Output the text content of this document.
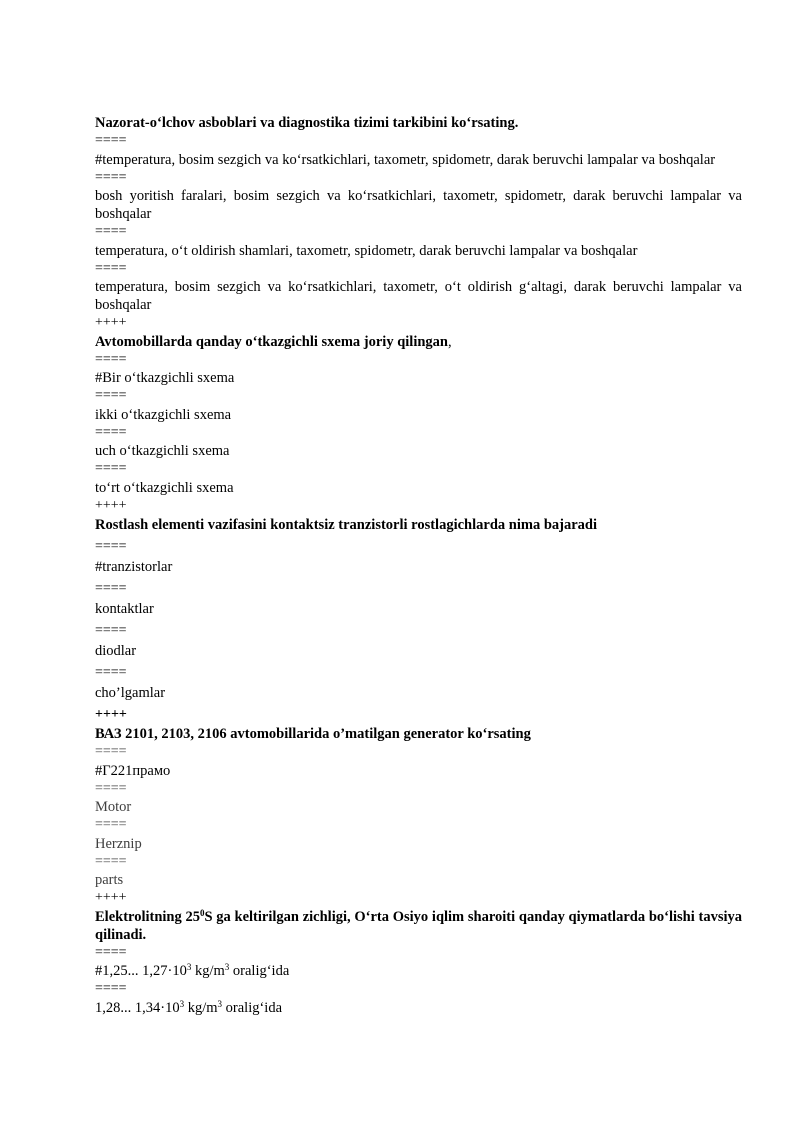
Nazorat-o‘lchov asboblari va diagnostika tizimi tarkibini ko‘rsating.
====
#temperatura, bosim sezgich va ko‘rsatkichlari, taxometr, spidometr, darak beruvchi lampalar va boshqalar
====
bosh yoritish faralari, bosim sezgich va ko‘rsatkichlari, taxometr, spidometr, darak beruvchi lampalar va boshqalar
====
temperatura, o‘t oldirish shamlari, taxometr, spidometr, darak beruvchi lampalar va boshqalar
====
temperatura, bosim sezgich va ko‘rsatkichlari, taxometr, o‘t oldirish g‘altagi, darak beruvchi lampalar va boshqalar
++++
Avtomobillarda qanday o‘tkazgichli sxema joriy qilingan,
====
#Bir o‘tkazgichli sxema
====
ikki o‘tkazgichli sxema
====
uch o‘tkazgichli sxema
====
to‘rt o‘tkazgichli sxema
++++
Rostlash elementi vazifasini kontaktsiz tranzistorli rostlagichlarda nima bajaradi
====
#tranzistorlar
====
kontaktlar
====
diodlar
====
cho’lgamlar
++++
ВАЗ 2101, 2103, 2106 avtomobillarida o’matilgan generator ko‘rsating
====
#Г221прамо
====
Motor
====
Herznip
====
parts
++++
Elektrolitning $25^0S$ ga keltirilgan zichligi, O‘rta Osiyo iqlim sharoiti qanday qiymatlarda bo‘lishi tavsiya qilinadi.
====
#1,25... $1,27\cdot 10^3$ $kg/m^3$ oralig‘ida
====
1,28... $1,34\cdot 10^3$ $kg/m^3$ oralig‘ida
